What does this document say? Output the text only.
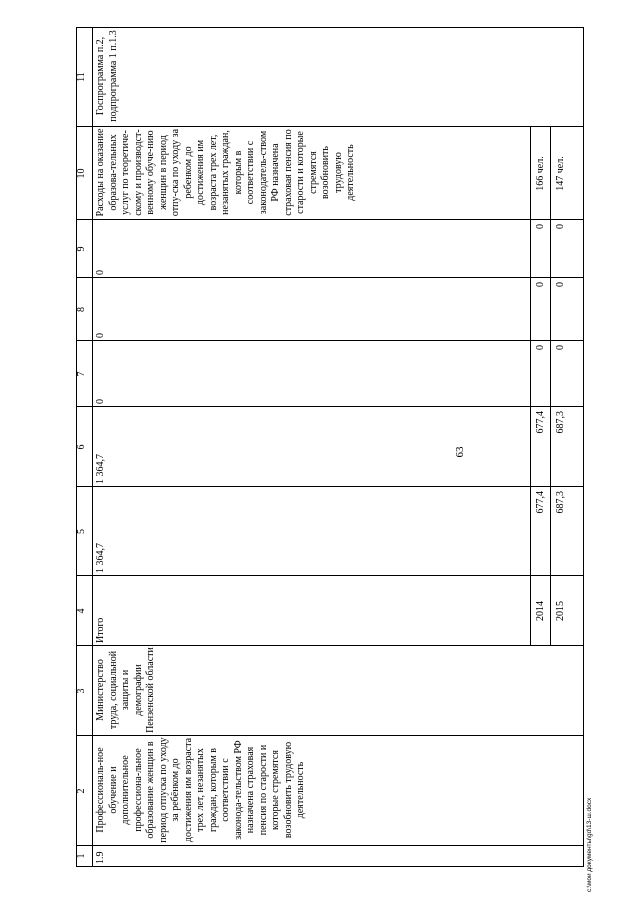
63
1
2
3
4
5
6
7
8
9
10
11
1.9
Профессиональ-ное обучение и дополнительное профессиона-льное образование женщин в период отпуска по уходу за ребёнком до достижения им возраста трех лет, незанятых граждан, которым в соответствии с законода-тельством РФ назначена страховая пенсия по старости и которые стремятся возобновить трудовую деятельность
Министерство труда, социальной защиты и демографии Пензенской области
Итого
1 364,7
1 364,7
0
0
0
Расходы на оказание образова-тельных услуг по теоретиче-скому и производст-венному обуче-нию женщин в период отпу-ска по уходу за ребенком до достижения им возраста трех лет, незанятых граждан, которым в соответствии с законодатель-ством РФ назначена страховая пенсия по старости и которые стремятся возобновить трудовую деятельность
Госпрограмма п.2, подпрограмма 1 п.1.3
2014
677,4
677,4
0
0
0
166 чел.
2015
687,3
687,3
0
0
0
147 чел.
c:\мои документы\gd\13-ш.docx
